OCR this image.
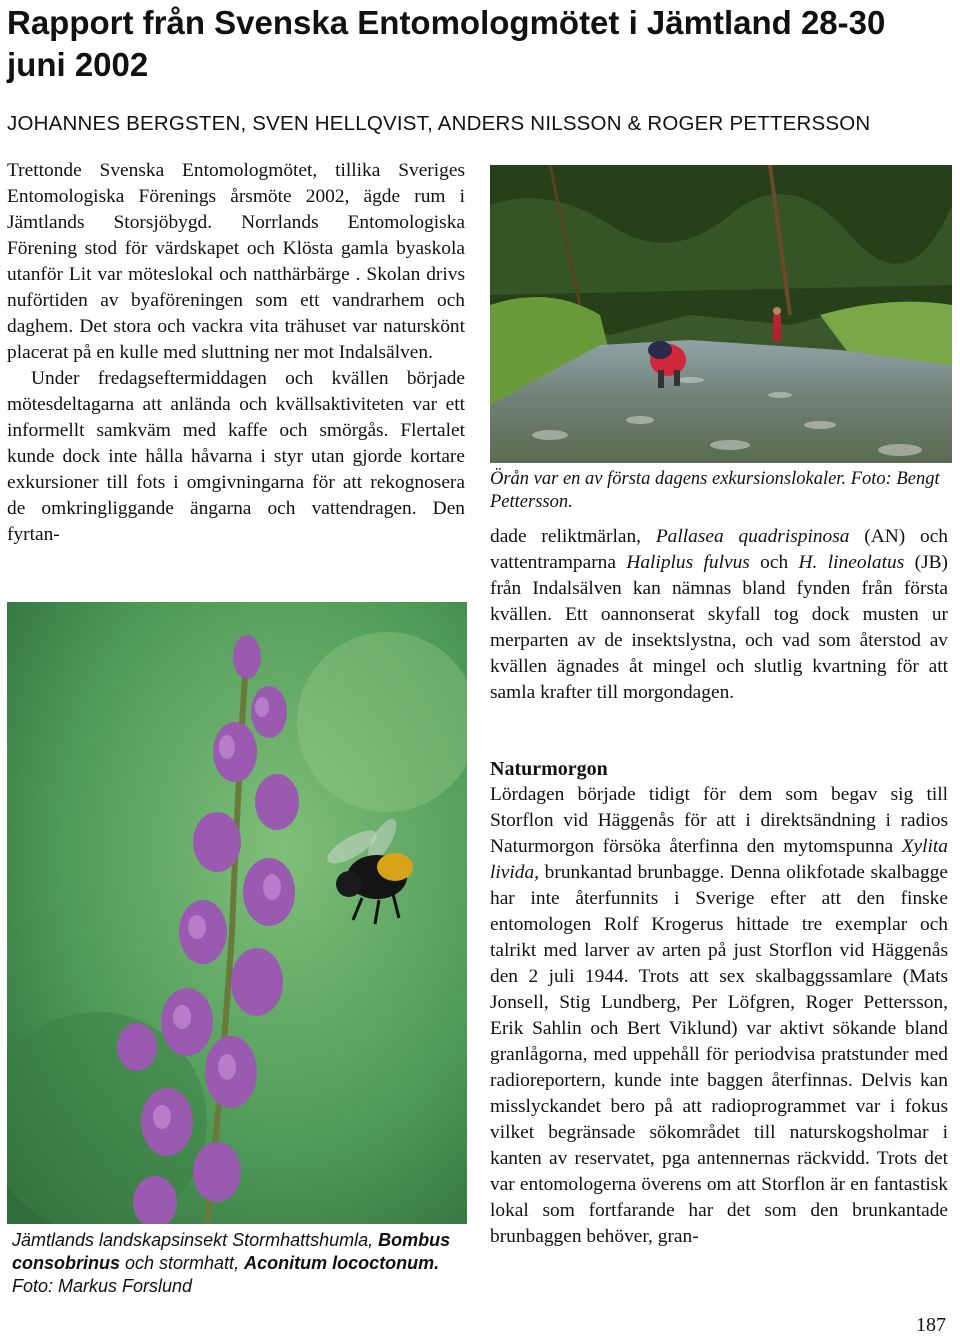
Rapport från Svenska Entomologmötet i Jämtland 28-30 juni 2002
JOHANNES BERGSTEN, SVEN HELLQVIST, ANDERS NILSSON & ROGER PETTERSSON

Trettonde Svenska Entomologmötet, tillika Sveriges Entomologiska Förenings årsmöte 2002, ägde rum i Jämtlands Storsjöbygd. Norrlands Entomologiska Förening stod för värdskapet och Klösta gamla byaskola utanför Lit var möteslokal och natthärbärge . Skolan drivs nuförtiden av byaföreningen som ett vandrarhem och daghem. Det stora och vackra vita trähuset var naturskönt placerat på en kulle med sluttning ner mot Indalsälven.

Under fredagseftermiddagen och kvällen började mötesdeltagarna att anlända och kvällsaktiviteten var ett informellt samkväm med kaffe och smörgås. Flertalet kunde dock inte hålla håvarna i styr utan gjorde kortare exkursioner till fots i omgivningarna för att rekognosera de omkringliggande ängarna och vattendragen. Den fyrtan-

Örån var en av första dagens exkursionslokaler. Foto: Bengt Pettersson.
Jämtlands landskapsinsekt Stormhattshumla, Bombus consobrinus och stormhatt, Aconitum lococtonum. Foto: Markus Forslund

dade reliktmärlan, Pallasea quadrispinosa (AN) och vattentramparna Haliplus fulvus och H. lineolatus (JB) från Indalsälven kan nämnas bland fynden från första kvällen. Ett oannonserat skyfall tog dock musten ur merparten av de insektslystna, och vad som återstod av kvällen ägnades åt mingel och slutlig kvartning för att samla krafter till morgondagen.

Naturmorgon

Lördagen började tidigt för dem som begav sig till Storflon vid Häggenås för att i direktsändning i radios Naturmorgon försöka återfinna den mytomspunna Xylita livida, brunkantad brunbagge. Denna olikfotade skalbagge har inte återfunnits i Sverige efter att den finske entomologen Rolf Krogerus hittade tre exemplar och talrikt med larver av arten på just Storflon vid Häggenås den 2 juli 1944. Trots att sex skalbaggssamlare (Mats Jonsell, Stig Lundberg, Per Löfgren, Roger Pettersson, Erik Sahlin och Bert Viklund) var aktivt sökande bland granlågorna, med uppehåll för periodvisa pratstunder med radioreportern, kunde inte baggen återfinnas. Delvis kan misslyckandet bero på att radioprogrammet var i fokus vilket begränsade sökområdet till naturskogsholmar i kanten av reservatet, pga antennernas räckvidd. Trots det var entomologerna överens om att Storflon är en fantastisk lokal som fortfarande har det som den brunkantade brunbaggen behöver, gran-

187
